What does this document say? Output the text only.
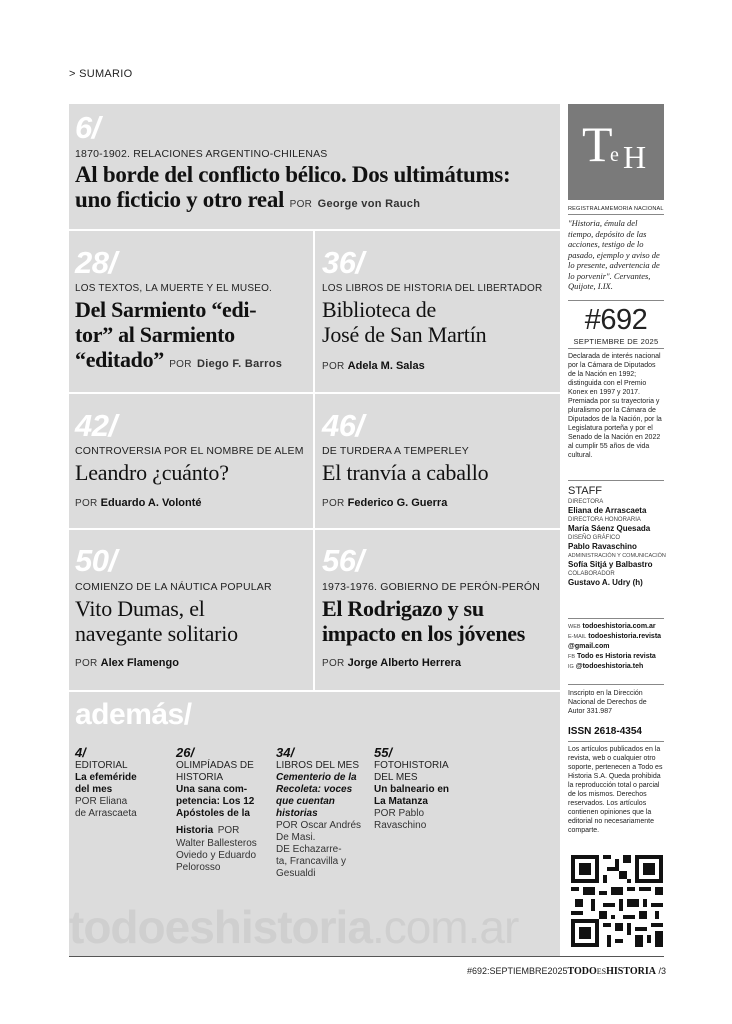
> SUMARIO
6/
1870-1902. RELACIONES ARGENTINO-CHILENAS
Al borde del conflicto bélico. Dos ultimátums:
uno ficticio y otro real POR George von Rauch
28/
LOS TEXTOS, LA MUERTE Y EL MUSEO.
Del Sarmiento “edi-
tor” al Sarmiento
“editado” POR Diego F. Barros
36/
LOS LIBROS DE HISTORIA DEL LIBERTADOR
Biblioteca de
José de San Martín
POR Adela M. Salas
42/
CONTROVERSIA POR EL NOMBRE DE ALEM
Leandro ¿cuánto?
POR Eduardo A. Volonté
46/
DE TURDERA A TEMPERLEY
El tranvía a caballo
POR Federico G. Guerra
50/
COMIENZO DE LA NÁUTICA POPULAR
Vito Dumas, el
navegante solitario
POR Alex Flamengo
56/
1973-1976. GOBIERNO DE PERÓN-PERÓN
El Rodrigazo y su
impacto en los jóvenes
POR Jorge Alberto Herrera
además/
4/
EDITORIAL
La efeméride
del mes
POR Eliana
de Arrascaeta
26/
OLIMPÍADAS DE
HISTORIA
Una sana com-
petencia: Los 12
Apóstoles de la
Historia POR
Walter Ballesteros
Oviedo y Eduardo
Pelorosso
34/
LIBROS DEL MES
Cementerio de la
Recoleta: voces
que cuentan
historias
POR Oscar Andrés
De Masi.
DE Echazarre-
ta, Francavilla y
Gesualdi
55/
FOTOHISTORIA
DEL MES
Un balneario en
La Matanza
POR Pablo
Ravaschino
todoeshistoria.com.ar
T
e H
REGISTRALAMEMORIA NACIONAL
"Historia, émula del tiempo, depósito de las acciones, testigo de lo pasado, ejemplo y aviso de lo presente, advertencia de lo porvenir". Cervantes, Quijote, I.IX.
#692
SEPTIEMBRE DE 2025
Declarada de interés nacional por la Cámara de Diputados de la Nación en 1992; distinguida con el Premio Konex en 1997 y 2017. Premiada por su trayectoria y pluralismo por la Cámara de Diputados de la Nación, por la Legislatura porteña y por el Senado de la Nación en 2022 al cumplir 55 años de vida cultural.
STAFF
DIRECTORA
Eliana de Arrascaeta
DIRECTORA HONORARIA
María Sáenz Quesada
DISEÑO GRÁFICO
Pablo Ravaschino
ADMINISTRACIÓN Y COMUNICACIÓN
Sofía Sitjá y Balbastro
COLABORADOR
Gustavo A. Udry (h)
WEB todoeshistoria.com.ar
E-MAIL todoeshistoria.revista@gmail.com
FB Todo es Historia revista
IG @todoeshistoria.teh
Inscripto en la Dirección Nacional de Derechos de Autor 331.987
ISSN 2618-4354
Los artículos publicados en la revista, web o cualquier otro soporte, pertenecen a Todo es Historia S.A. Queda prohibida la reproducción total o parcial de los mismos. Derechos reservados. Los artículos contienen opiniones que la editorial no necesariamente comparte.
#692:SEPTIEMBRE2025TODOESHISTORIA /3
